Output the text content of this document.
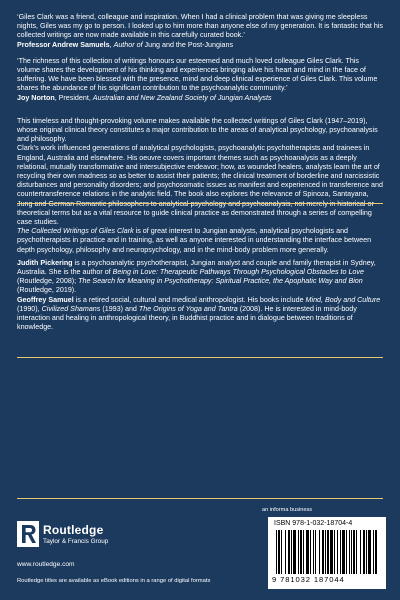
‘Giles Clark was a friend, colleague and inspiration. When I had a clinical problem that was giving me sleepless nights, Giles was my go to person. I looked up to him more than anyone else of my generation. It is fantastic that his collected writings are now made available in this carefully curated book.’

Professor Andrew Samuels, Author of Jung and the Post-Jungians

‘The richness of this collection of writings honours our esteemed and much loved colleague Giles Clark. This volume shares the development of his thinking and experiences bringing alive his heart and mind in the face of suffering. We have been blessed with the presence, mind and deep clinical experience of Giles Clark. This volume shares the abundance of his significant contribution to the psychoanalytic community.’

Joy Norton, President, Australian and New Zealand Society of Jungian Analysts

This timeless and thought-provoking volume makes available the collected writings of Giles Clark (1947–2019), whose original clinical theory constitutes a major contribution to the areas of analytical psychology, psychoanalysis and philosophy.

Clark’s work influenced generations of analytical psychologists, psychoanalytic psychotherapists and trainees in England, Australia and elsewhere. His oeuvre covers important themes such as psychoanalysis as a deeply relational, mutually transformative and intersubjective endeavor; how, as wounded healers, analysts learn the art of recycling their own madness so as better to assist their patients; the clinical treatment of borderline and narcissistic disturbances and personality disorders; and psychosomatic issues as manifest and experienced in transference and countertransference relations in the analytic field. The book also explores the relevance of Spinoza, Santayana, theoretical terms but as a vital resource to guide clinical practice as demonstrated through a series of compelling case studies.

The Collected Writings of Giles Clark is of great interest to Jungian analysts, analytical psychologists and psychotherapists in practice and in training, as well as anyone interested in understanding the interface between depth psychology, philosophy and neuropsychology, and in the mind-body problem more generally.

Judith Pickering is a psychoanalytic psychotherapist, Jungian analyst and couple and family therapist in Sydney, Australia. She is the author of Being in Love: Therapeutic Pathways Through Psychological Obstacles to Love (Routledge, 2008); The Search for Meaning in Psychotherapy: Spiritual Practice, the Apophatic Way and Bion (Routledge, 2019).

Geoffrey Samuel is a retired social, cultural and medical anthropologist. His books include Mind, Body and Culture (1990), Civilized Shamans (1993) and The Origins of Yoga and Tantra (2008). He is interested in mind-body interaction and healing in anthropological theory, in Buddhist practice and in dialogue between traditions of knowledge.

Routledge
Taylor & Francis Group
www.routledge.com
Routledge titles are available as eBook editions in a range of digital formats
an informa business
ISBN 978-1-032-18704-4
9 781032 187044
